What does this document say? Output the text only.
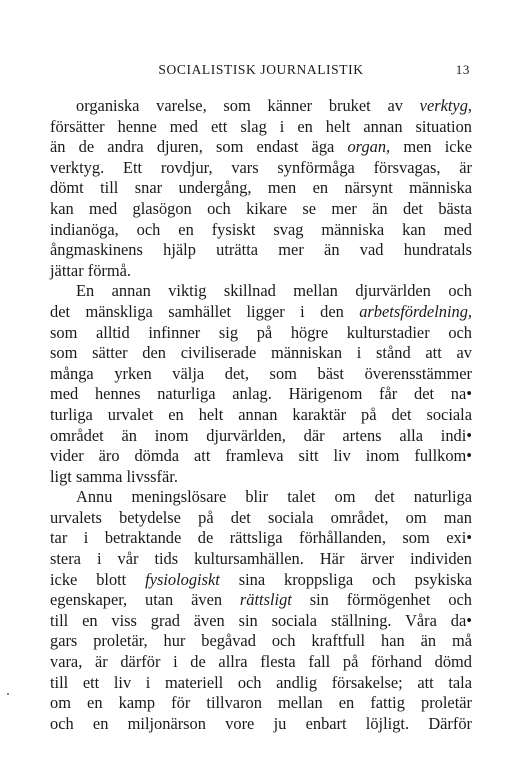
SOCIALISTISK JOURNALISTIK	13
organiska varelse, som känner bruket av verktyg,
försätter henne med ett slag i en helt annan situation
än de andra djuren, som endast äga organ, men icke
verktyg. Ett rovdjur, vars synförmåga försvagas, är
dömt till snar undergång, men en närsynt människa
kan med glasögon och kikare se mer än det bästa
indianöga, och en fysiskt svag människa kan med
ångmaskinens hjälp uträtta mer än vad hundratals
jättar förmå.
En annan viktig skillnad mellan djurvärlden och
det mänskliga samhället ligger i den arbetsfördelning,
som alltid infinner sig på högre kulturstadier och
som sätter den civiliserade människan i stånd att av
många yrken välja det, som bäst överensstämmer
med hennes naturliga anlag. Härigenom får det na•
turliga urvalet en helt annan karaktär på det sociala
området än inom djurvärlden, där artens alla indi•
vider äro dömda att framleva sitt liv inom fullkom•
ligt samma livssfär.
Annu meningslösare blir talet om det naturliga
urvalets betydelse på det sociala området, om man
tar i betraktande de rättsliga förhållanden, som exi•
stera i vår tids kultursamhällen. Här ärver individen
icke blott fysiologiskt sina kroppsliga och psykiska
egenskaper, utan även rättsligt sin förmögenhet och
till en viss grad även sin sociala ställning. Våra da•
gars proletär, hur begåvad och kraftfull han än må
vara, är därför i de allra flesta fall på förhand dömd
till ett liv i materiell och andlig försakelse; att tala
om en kamp för tillvaron mellan en fattig proletär
och en miljonärson vore ju enbart löjligt. Därför
